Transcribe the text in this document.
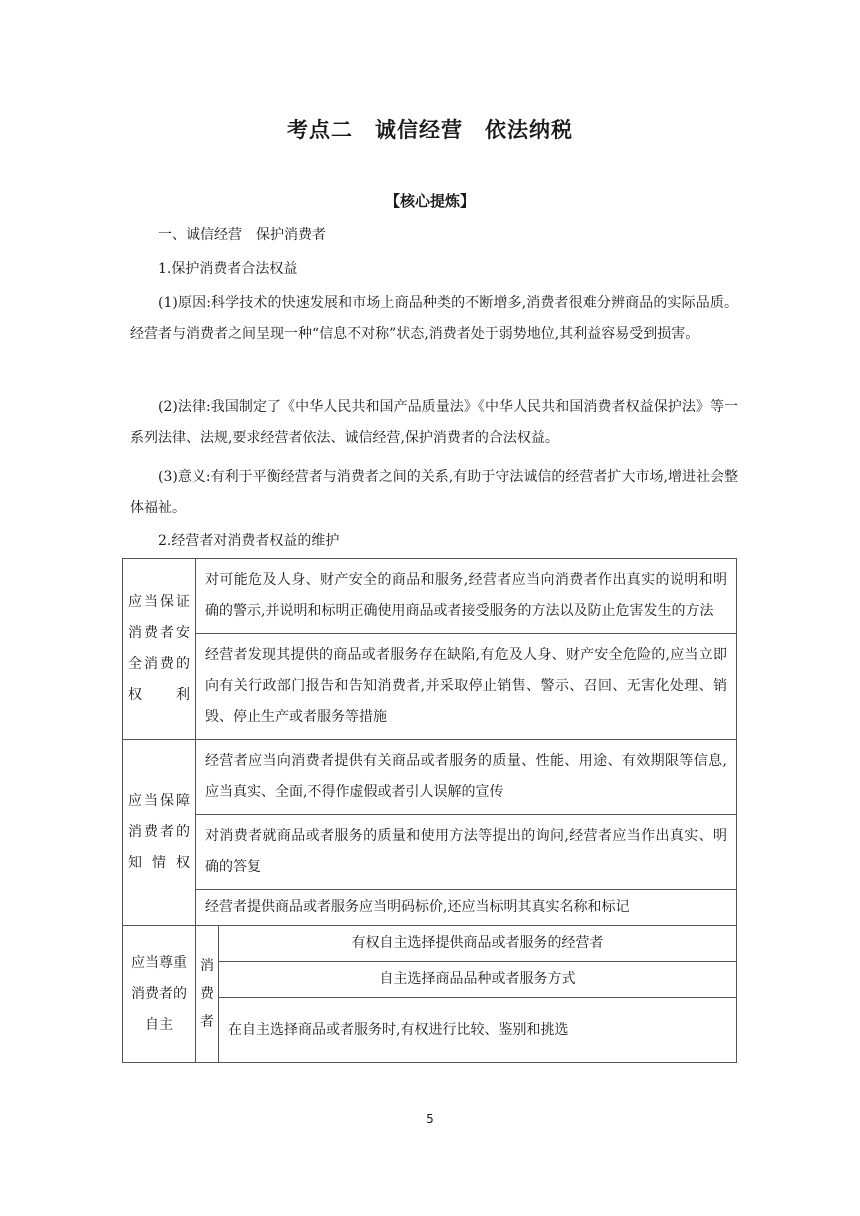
考点二　诚信经营　依法纳税
【核心提炼】

一、诚信经营　保护消费者

1.保护消费者合法权益

(1)原因:科学技术的快速发展和市场上商品种类的不断增多,消费者很难分辨商品的实际品质。经营者与消费者之间呈现一种“信息不对称”状态,消费者处于弱势地位,其利益容易受到损害。

(2)法律:我国制定了《中华人民共和国产品质量法》《中华人民共和国消费者权益保护法》等一系列法律、法规,要求经营者依法、诚信经营,保护消费者的合法权益。

(3)意义:有利于平衡经营者与消费者之间的关系,有助于守法诚信的经营者扩大市场,增进社会整体福祉。

2.经营者对消费者权益的维护

应当保证消费者安全消费的权利	对可能危及人身、财产安全的商品和服务,经营者应当向消费者作出真实的说明和明确的警示,并说明和标明正确使用商品或者接受服务的方法以及防止危害发生的方法	
	经营者发现其提供的商品或者服务存在缺陷,有危及人身、财产安全危险的,应当立即向有关行政部门报告和告知消费者,并采取停止销售、警示、召回、无害化处理、销毁、停止生产或者服务等措施	
应当保障消费者的知情权	经营者应当向消费者提供有关商品或者服务的质量、性能、用途、有效期限等信息,应当真实、全面,不得作虚假或者引人误解的宣传	
	对消费者就商品或者服务的质量和使用方法等提出的询问,经营者应当作出真实、明确的答复	
	经营者提供商品或者服务应当明码标价,还应当标明其真实名称和标记	
应当尊重消费者的自主	消费者	有权自主选择提供商品或者服务的经营者
		自主选择商品品种或者服务方式
		在自主选择商品或者服务时,有权进行比较、鉴别和挑选
5
